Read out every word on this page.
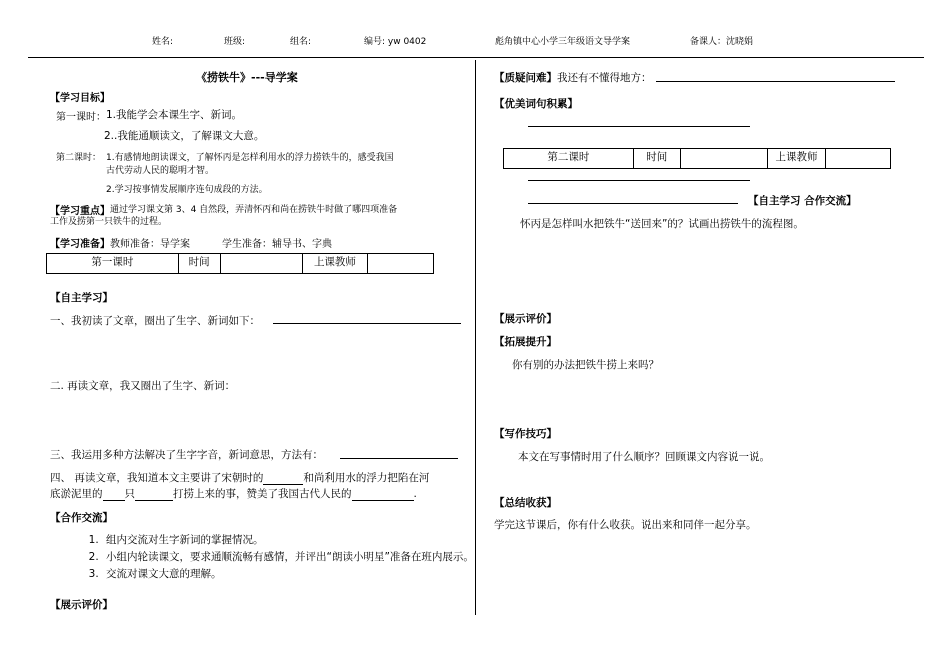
姓名:	班级:	组名:	编号: yw 0402	彪角镇中心小学三年级语文导学案	备课人：沈晓娟
《捞铁牛》---导学案
【学习目标】
第一课时： 1.我能学会本课生字、新词。
2..我能通顺读文，了解课文大意。
第二课时： 1.有感情地朗读课文，了解怀丙是怎样利用水的浮力捞铁牛的，感受我国
古代劳动人民的聪明才智。
2.学习按事情发展顺序连句成段的方法。
【学习重点】 通过学习课文第 3、4 自然段，弄清怀丙和尚在捞铁牛时做了哪四项准备
工作及捞第一只铁牛的过程。
【学习准备】 教师准备：导学案	学生准备：辅导书、字典
第一课时	时间		上课教师	
【自主学习】
一、我初读了文章，圈出了生字、新词如下：
二. 再读文章，我又圈出了生字、新词：
三、我运用多种方法解决了生字字音，新词意思，方法有：
四、 再读文章，我知道本文主要讲了宋朝时的	和尚利用水的浮力把陷在河
底淤泥里的 只	打捞上来的事，赞美了我国古代人民的	.
【合作交流】
1. 组内交流对生字新词的掌握情况。
2. 小组内轮读课文，要求通顺流畅有感情，并评出“朗读小明星”准备在班内展示。
3. 交流对课文大意的理解。
【展示评价】
【质疑问难】我还有不懂得地方：
【优美词句积累】
第二课时	时间		上课教师	
【自主学习 合作交流】
怀丙是怎样叫水把铁牛“送回来”的？试画出捞铁牛的流程图。
【展示评价】
【拓展提升】
你有别的办法把铁牛捞上来吗？
【写作技巧】
本文在写事情时用了什么顺序？回顾课文内容说一说。
【总结收获】
学完这节课后，你有什么收获。说出来和同伴一起分享。
